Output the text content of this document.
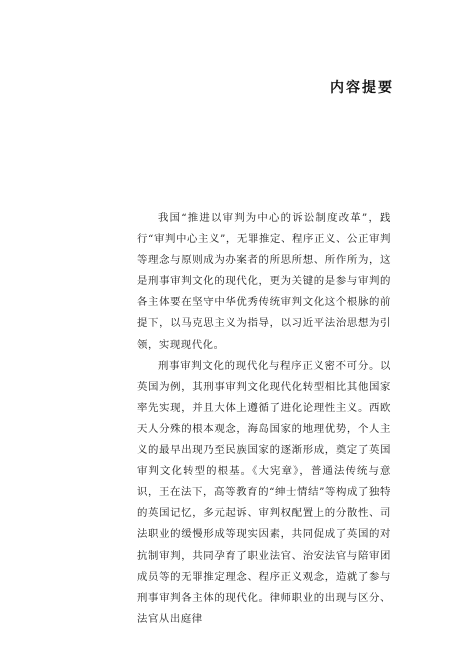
内容提要

我国“推进以审判为中心的诉讼制度改革”，践行“审判中心主义”，无罪推定、程序正义、公正审判等理念与原则成为办案者的所思所想、所作所为，这是刑事审判文化的现代化，更为关键的是参与审判的各主体要在坚守中华优秀传统审判文化这个根脉的前提下，以马克思主义为指导，以习近平法治思想为引领，实现现代化。

刑事审判文化的现代化与程序正义密不可分。以英国为例，其刑事审判文化现代化转型相比其他国家率先实现，并且大体上遵循了进化论理性主义。西欧天人分殊的根本观念，海岛国家的地理优势，个人主义的最早出现乃至民族国家的逐渐形成，奠定了英国审判文化转型的根基。《大宪章》，普通法传统与意识，王在法下，高等教育的“绅士情结”等构成了独特的英国记忆，多元起诉、审判权配置上的分散性、司法职业的缓慢形成等现实因素，共同促成了英国的对抗制审判，共同孕育了职业法官、治安法官与陪审团成员等的无罪推定理念、程序正义观念，造就了参与刑事审判各主体的现代化。律师职业的出现与区分、法官从出庭律
